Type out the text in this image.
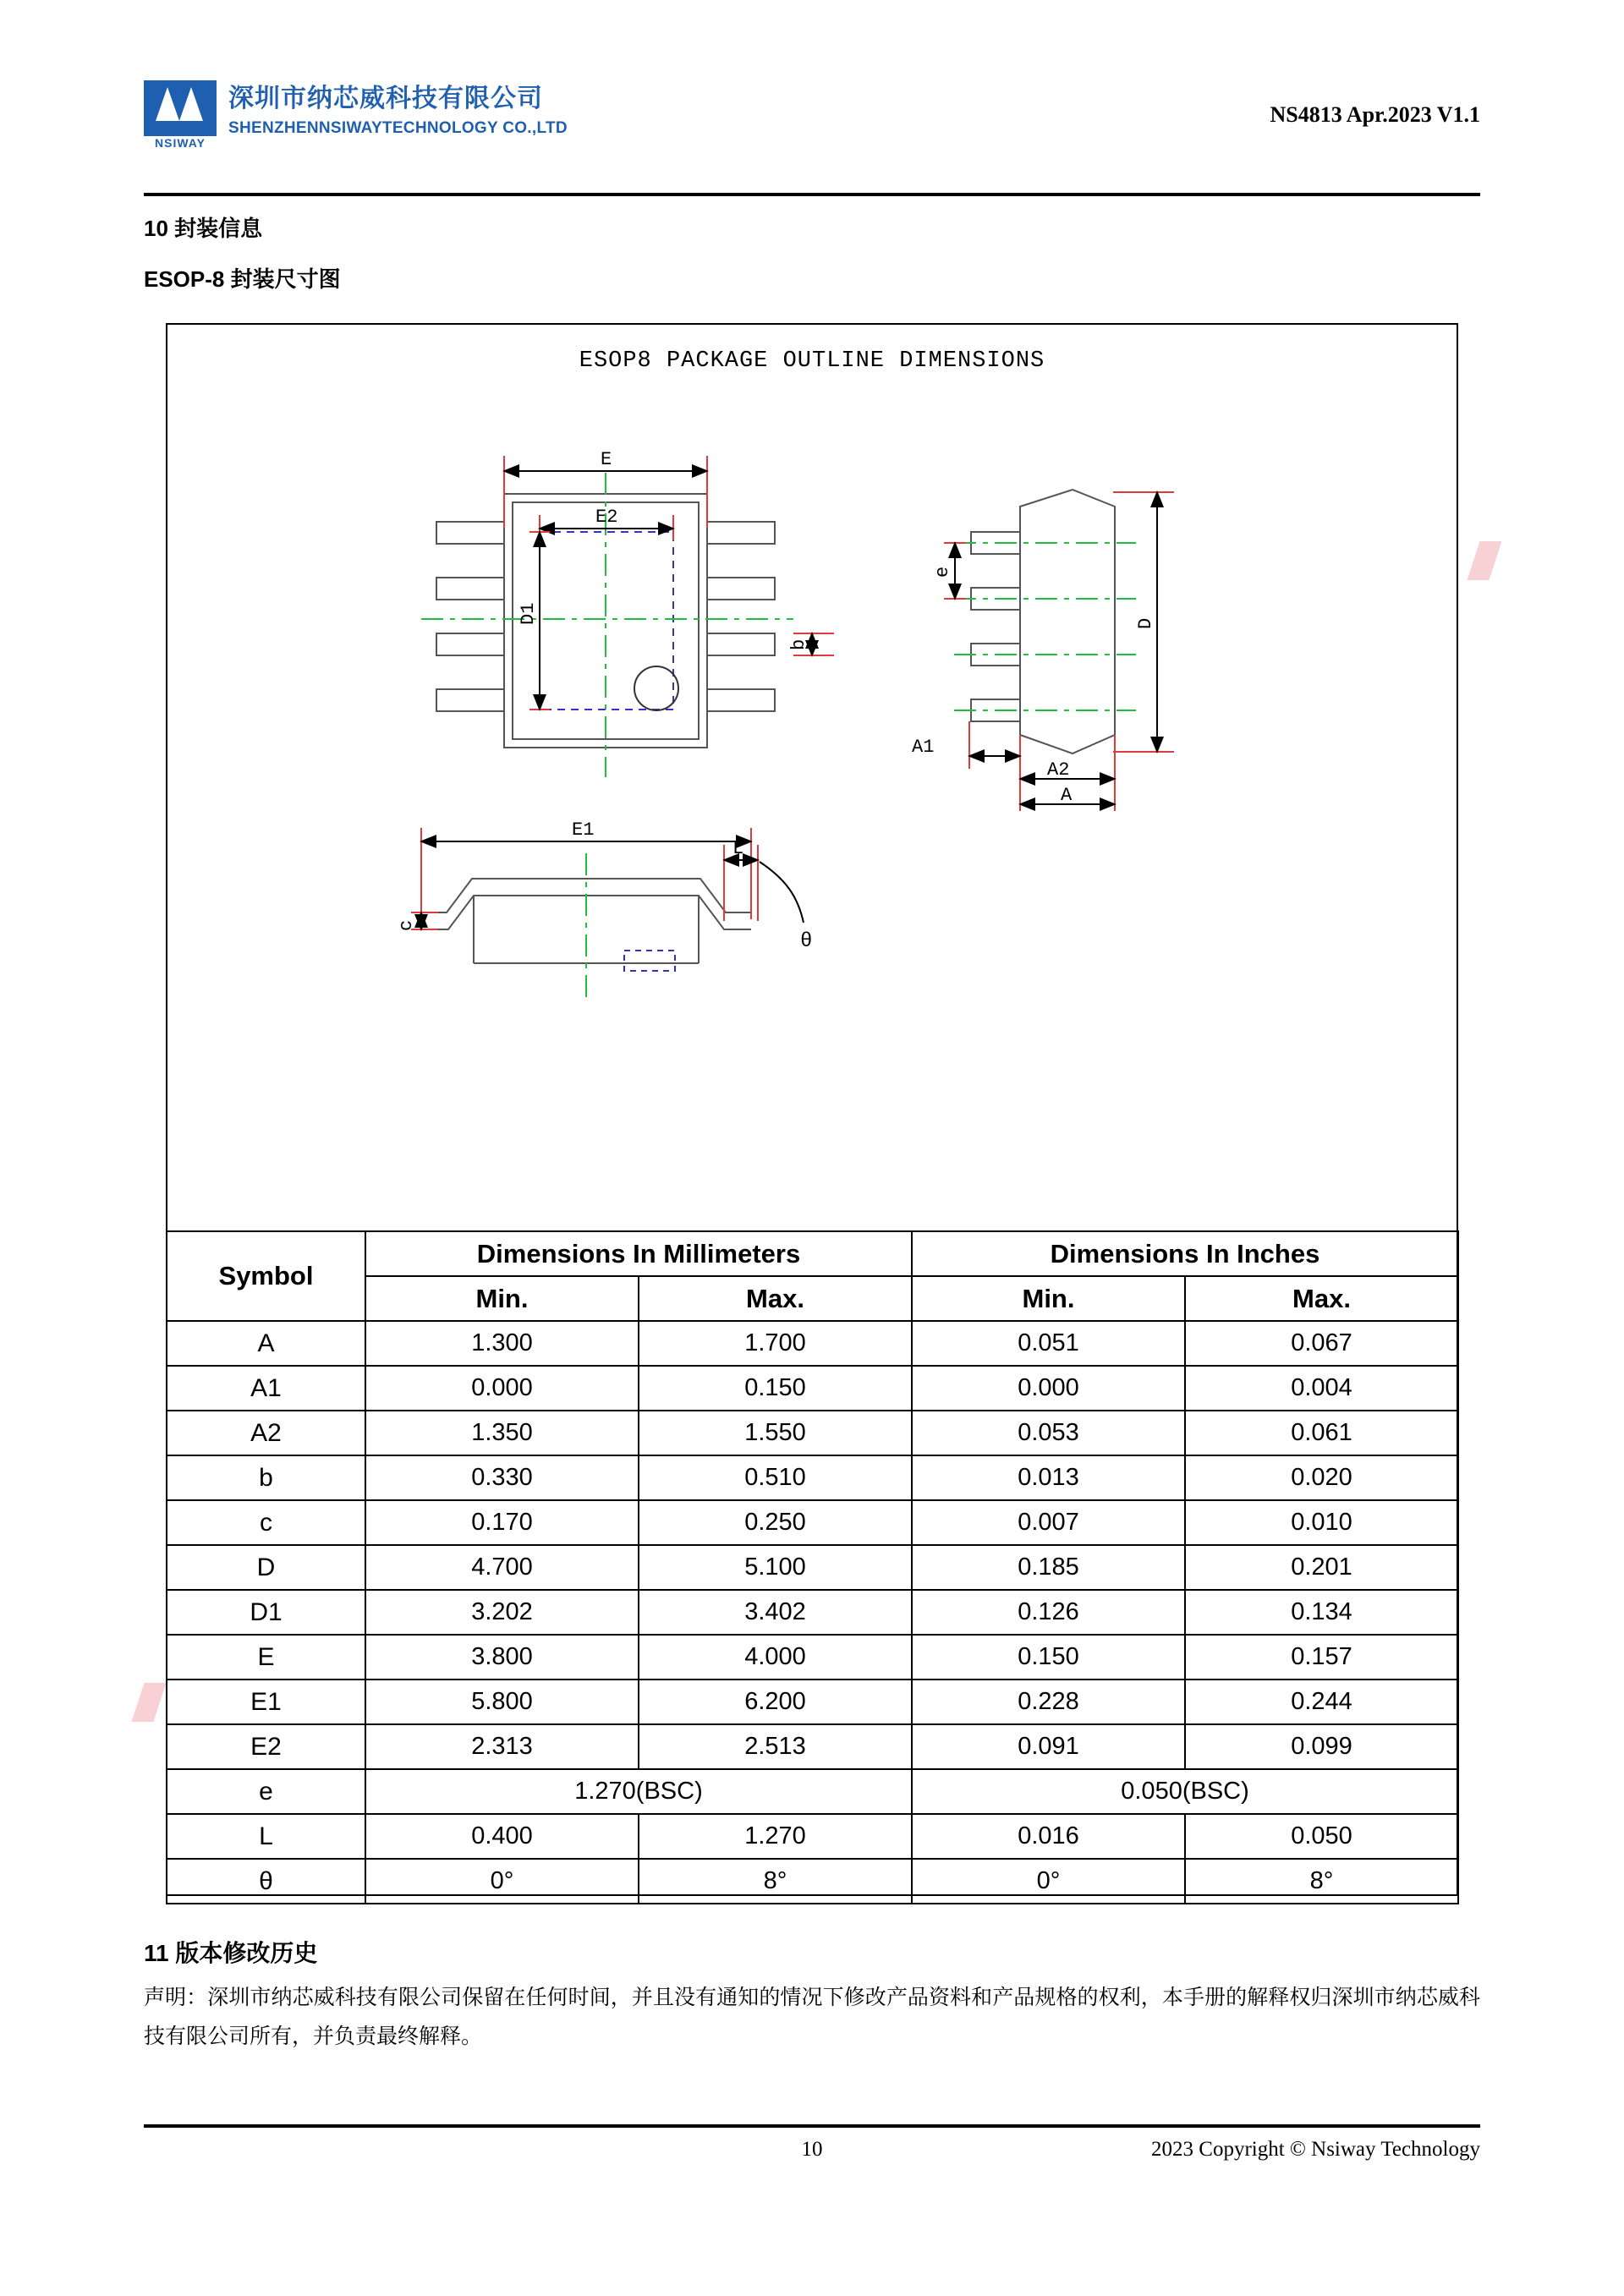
NSIWAY
深圳市纳芯威科技有限公司
SHENZHENNSIWAYTECHNOLOGY CO.,LTD
NS4813 Apr.2023 V1.1
10 封装信息
ESOP-8 封装尺寸图
ESOP8 PACKAGE OUTLINE DIMENSIONS
E
E2
D1
b
e
D
A1
A2
A
E1
L
c
θ
Symbol	Dimensions In Millimeters		Dimensions In Inches	
	Min.	Max.	Min.	Max.
A	1.300	1.700	0.051	0.067
A1	0.000	0.150	0.000	0.004
A2	1.350	1.550	0.053	0.061
b	0.330	0.510	0.013	0.020
c	0.170	0.250	0.007	0.010
D	4.700	5.100	0.185	0.201
D1	3.202	3.402	0.126	0.134
E	3.800	4.000	0.150	0.157
E1	5.800	6.200	0.228	0.244
E2	2.313	2.513	0.091	0.099
e	1.270(BSC)		0.050(BSC)	
L	0.400	1.270	0.016	0.050
θ	0°	8°	0°	8°
11 版本修改历史
声明：深圳市纳芯威科技有限公司保留在任何时间，并且没有通知的情况下修改产品资料和产品规格的权利，本手册的解释权归深圳市纳芯威科技有限公司所有，并负责最终解释。
10	2023 Copyright © Nsiway Technology
